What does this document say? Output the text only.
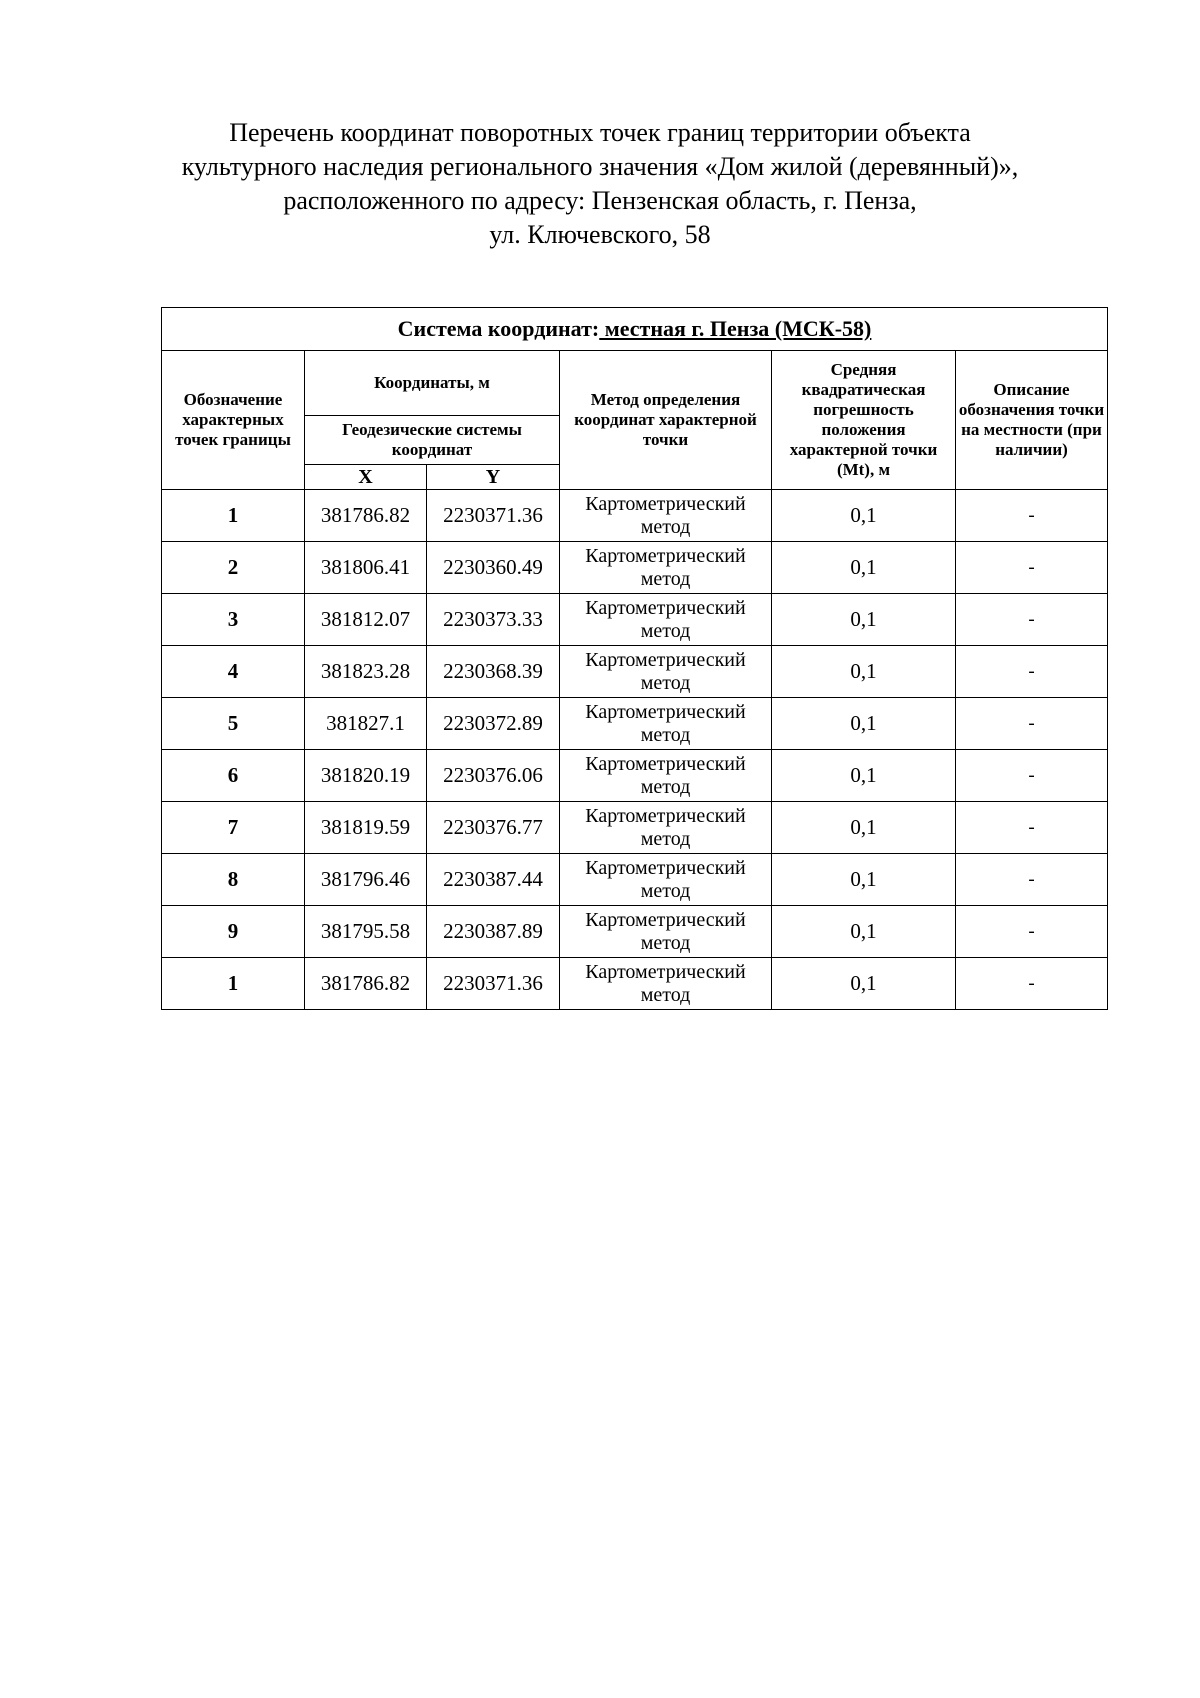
Перечень координат поворотных точек границ территории объекта
культурного наследия регионального значения «Дом жилой (деревянный)»,
расположенного по адресу: Пензенская область, г. Пенза,
ул. Ключевского, 58
Система координат: местная г. Пенза (МСК-58)					
Обозначение характерных точек границы	Координаты, м		Метод определения координат характерной точки	Средняя квадратическая погрешность положения характерной точки (Mt), м	Описание обозначения точки на местности (при наличии)
	Геодезические системы координат				
	X	Y			
1	381786.82	2230371.36	Картометрический метод	0,1	-
2	381806.41	2230360.49	Картометрический метод	0,1	-
3	381812.07	2230373.33	Картометрический метод	0,1	-
4	381823.28	2230368.39	Картометрический метод	0,1	-
5	381827.1	2230372.89	Картометрический метод	0,1	-
6	381820.19	2230376.06	Картометрический метод	0,1	-
7	381819.59	2230376.77	Картометрический метод	0,1	-
8	381796.46	2230387.44	Картометрический метод	0,1	-
9	381795.58	2230387.89	Картометрический метод	0,1	-
1	381786.82	2230371.36	Картометрический метод	0,1	-
